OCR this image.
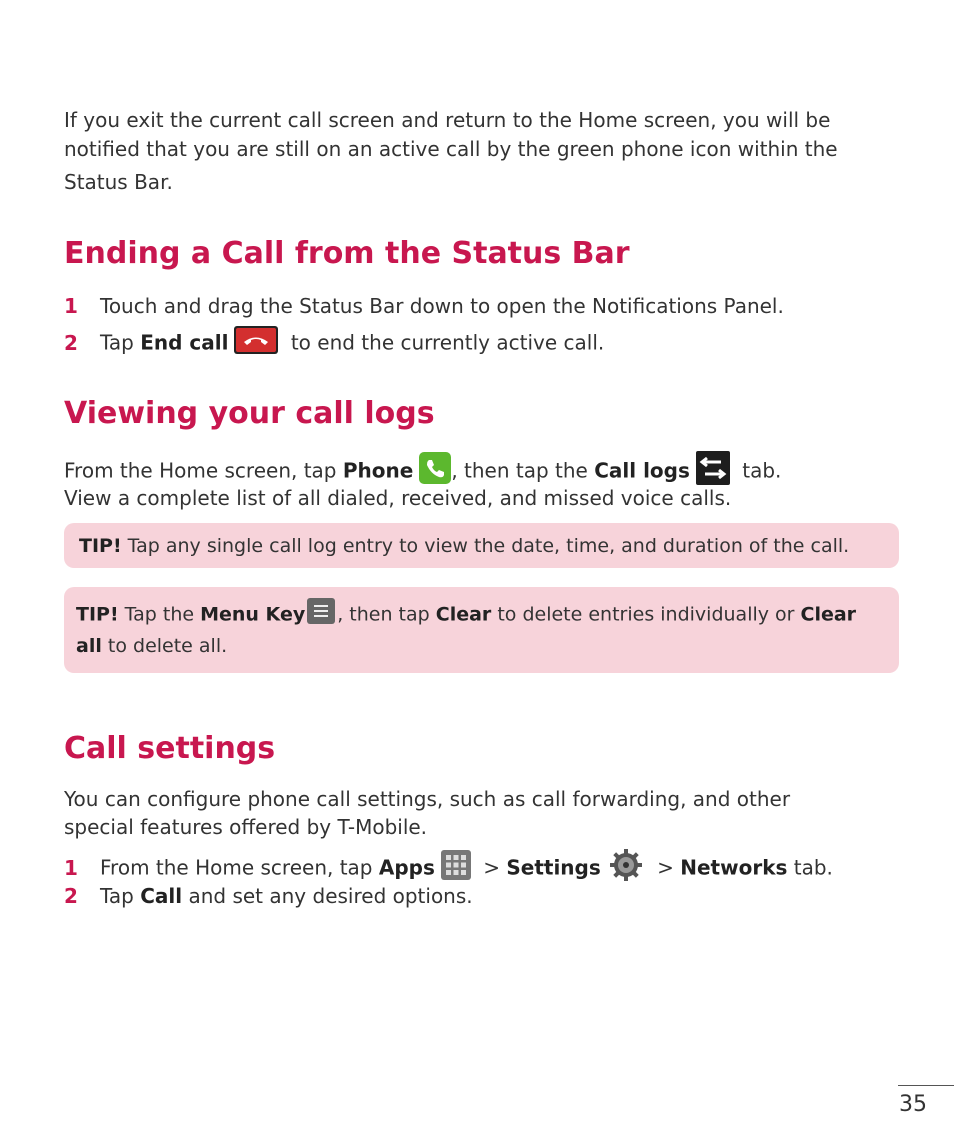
If you exit the current call screen and return to the Home screen, you will be

notified that you are still on an active call by the green phone icon within the

Status Bar.

Ending a Call from the Status Bar
1 Touch and drag the Status Bar down to open the Notifications Panel.
2 Tap End call	to end the currently active call.
Viewing your call logs
From the Home screen, tap Phone , then tap the Call logs tab.

View a complete list of all dialed, received, and missed voice calls.

TIP! Tap any single call log entry to view the date, time, and duration of the call.
TIP! Tap the Menu Key , then tap Clear to delete entries individually or Clear
all to delete all.
Call settings

You can configure phone call settings, such as call forwarding, and other

special features offered by T-Mobile.

1 From the Home screen, tap Apps > Settings	> Networks tab.
2 Tap Call and set any desired options.
35
